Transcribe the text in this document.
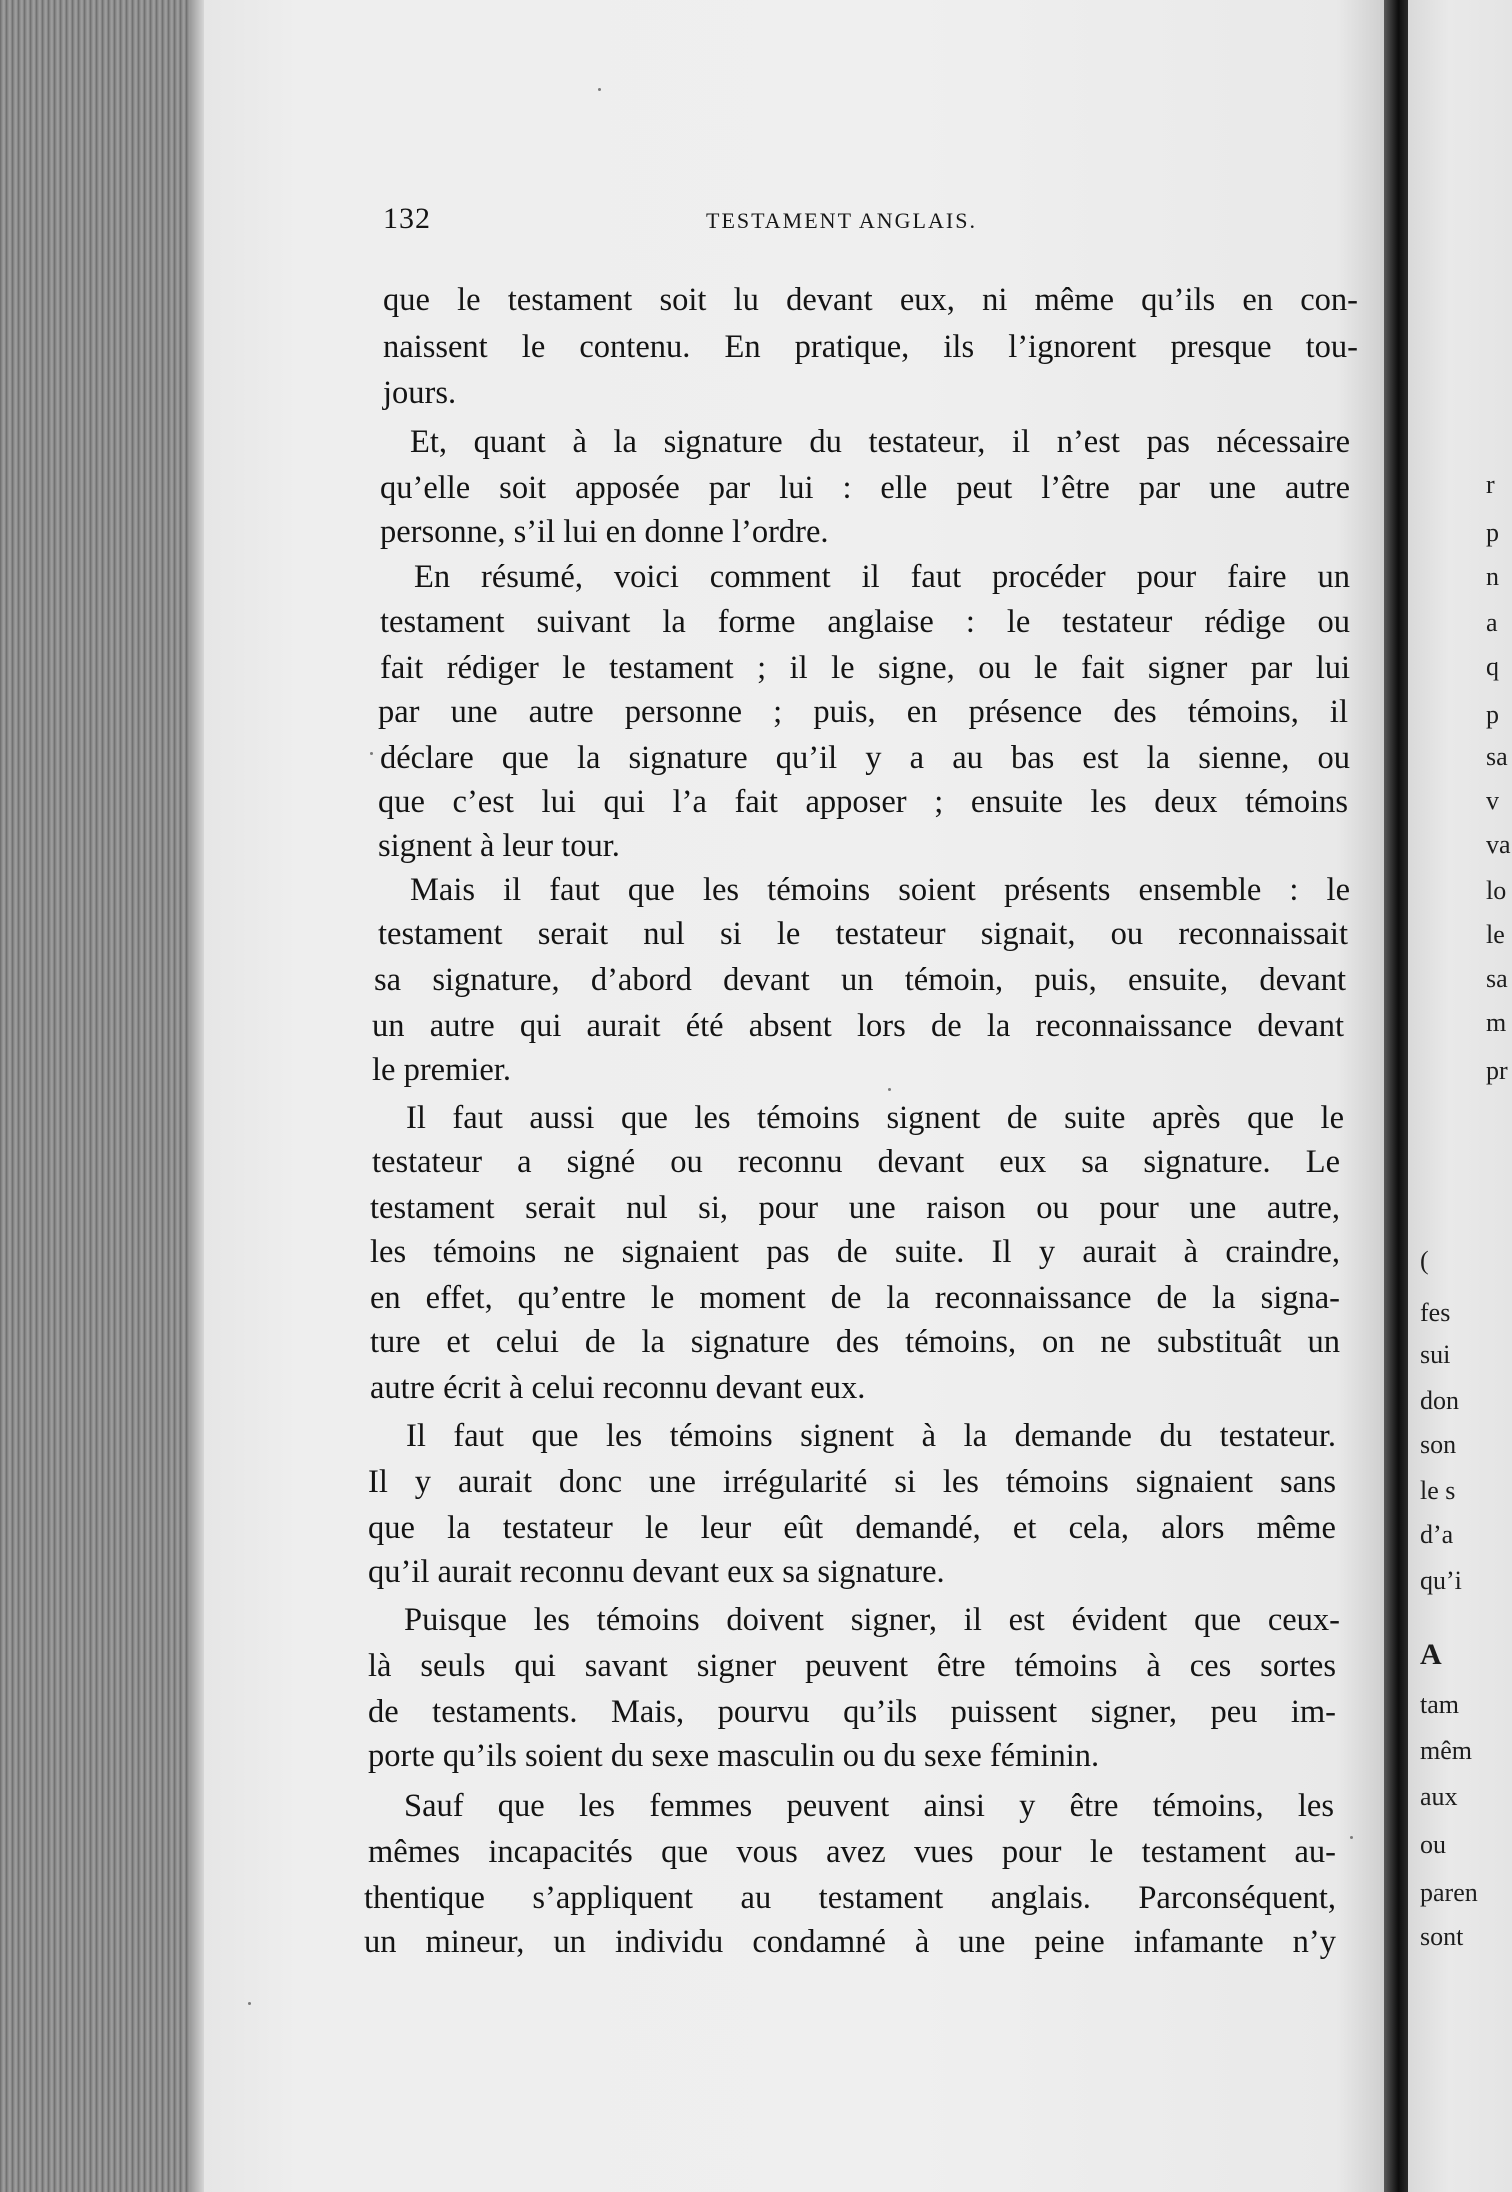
r
p
n
a
q
p
sa
v
va
lo
le
sa
m
pr
(
fes
sui
don
son
le s
d’a
qu’i
A
tam
mêm
aux
ou
paren
sont
132	TESTAMENT ANGLAIS.
que le testament soit lu devant eux, ni même qu’ils en con-
naissent le contenu. En pratique, ils l’ignorent presque tou-
jours.
Et, quant à la signature du testateur, il n’est pas nécessaire
qu’elle soit apposée par lui : elle peut l’être par une autre
personne, s’il lui en donne l’ordre.
En résumé, voici comment il faut procéder pour faire un
testament suivant la forme anglaise : le testateur rédige ou
fait rédiger le testament ; il le signe, ou le fait signer par lui
par une autre personne ; puis, en présence des témoins, il
déclare que la signature qu’il y a au bas est la sienne, ou
que c’est lui qui l’a fait apposer ; ensuite les deux témoins
signent à leur tour.
Mais il faut que les témoins soient présents ensemble : le
testament serait nul si le testateur signait, ou reconnaissait
sa signature, d’abord devant un témoin, puis, ensuite, devant
un autre qui aurait été absent lors de la reconnaissance devant
le premier.
Il faut aussi que les témoins signent de suite après que le
testateur a signé ou reconnu devant eux sa signature. Le
testament serait nul si, pour une raison ou pour une autre,
les témoins ne signaient pas de suite. Il y aurait à craindre,
en effet, qu’entre le moment de la reconnaissance de la signa-
ture et celui de la signature des témoins, on ne substituât un
autre écrit à celui reconnu devant eux.
Il faut que les témoins signent à la demande du testateur.
Il y aurait donc une irrégularité si les témoins signaient sans
que la testateur le leur eût demandé, et cela, alors même
qu’il aurait reconnu devant eux sa signature.
Puisque les témoins doivent signer, il est évident que ceux-
là seuls qui savant signer peuvent être témoins à ces sortes
de testaments. Mais, pourvu qu’ils puissent signer, peu im-
porte qu’ils soient du sexe masculin ou du sexe féminin.
Sauf que les femmes peuvent ainsi y être témoins, les
mêmes incapacités que vous avez vues pour le testament au-
thentique s’appliquent au testament anglais. Parconséquent,
un mineur, un individu condamné à une peine infamante n’y
